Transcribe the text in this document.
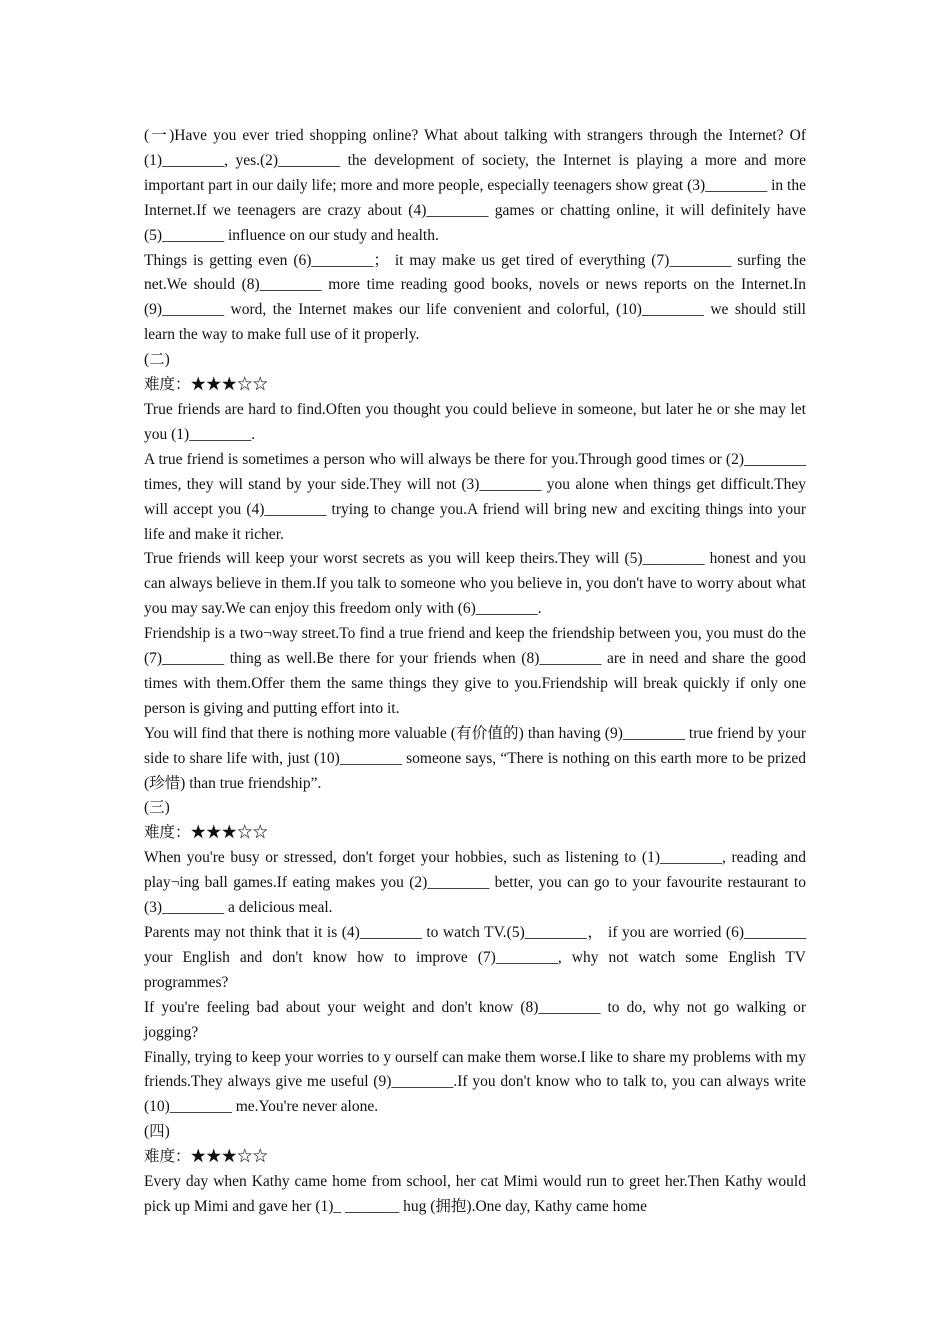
(一)Have you ever tried shopping online? What about talking with strangers through the Internet? Of (1)________, yes.(2)________ the development of society, the Internet is playing a more and more important part in our daily life; more and more people, especially teenagers show great (3)________ in the Internet.If we teenagers are crazy about (4)________ games or chatting online, it will definitely have (5)________ influence on our study and health.

Things is getting even (6)________； it may make us get tired of everything (7)________ surfing the net.We should (8)________ more time reading good books, novels or news reports on the Internet.In (9)________ word, the Internet makes our life convenient and colorful, (10)________ we should still learn the way to make full use of it properly.

(二)

难度：★★★☆☆

True friends are hard to find.Often you thought you could believe in someone, but later he or she may let you (1)________.

A true friend is sometimes a person who will always be there for you.Through good times or (2)________ times, they will stand by your side.They will not (3)________ you alone when things get difficult.They will accept you (4)________ trying to change you.A friend will bring new and exciting things into your life and make it richer.

True friends will keep your worst secrets as you will keep theirs.They will (5)________ honest and you can always believe in them.If you talk to someone who you believe in, you don't have to worry about what you may say.We can enjoy this freedom only with (6)________.

Friendship is a two¬way street.To find a true friend and keep the friendship between you, you must do the (7)________ thing as well.Be there for your friends when (8)________ are in need and share the good times with them.Offer them the same things they give to you.Friendship will break quickly if only one person is giving and putting effort into it.

You will find that there is nothing more valuable (有价值的) than having (9)________ true friend by your side to share life with, just (10)________ someone says, “There is nothing on this earth more to be prized (珍惜) than true friendship”.

(三)

难度：★★★☆☆

When you're busy or stressed, don't forget your hobbies, such as listening to (1)________, reading and play¬ing ball games.If eating makes you (2)________ better, you can go to your favourite restaurant to (3)________ a delicious meal.

Parents may not think that it is (4)________ to watch TV.(5)________， if you are worried (6)________ your English and don't know how to improve (7)________, why not watch some English TV programmes?

If you're feeling bad about your weight and don't know (8)________ to do, why not go walking or jogging?

Finally, trying to keep your worries to y ourself can make them worse.I like to share my problems with my friends.They always give me useful (9)________.If you don't know who to talk to, you can always write (10)________ me.You're never alone.

(四)

难度：★★★☆☆

Every day when Kathy came home from school, her cat Mimi would run to greet her.Then Kathy would pick up Mimi and gave her (1)_ _______ hug (拥抱).One day, Kathy came home
